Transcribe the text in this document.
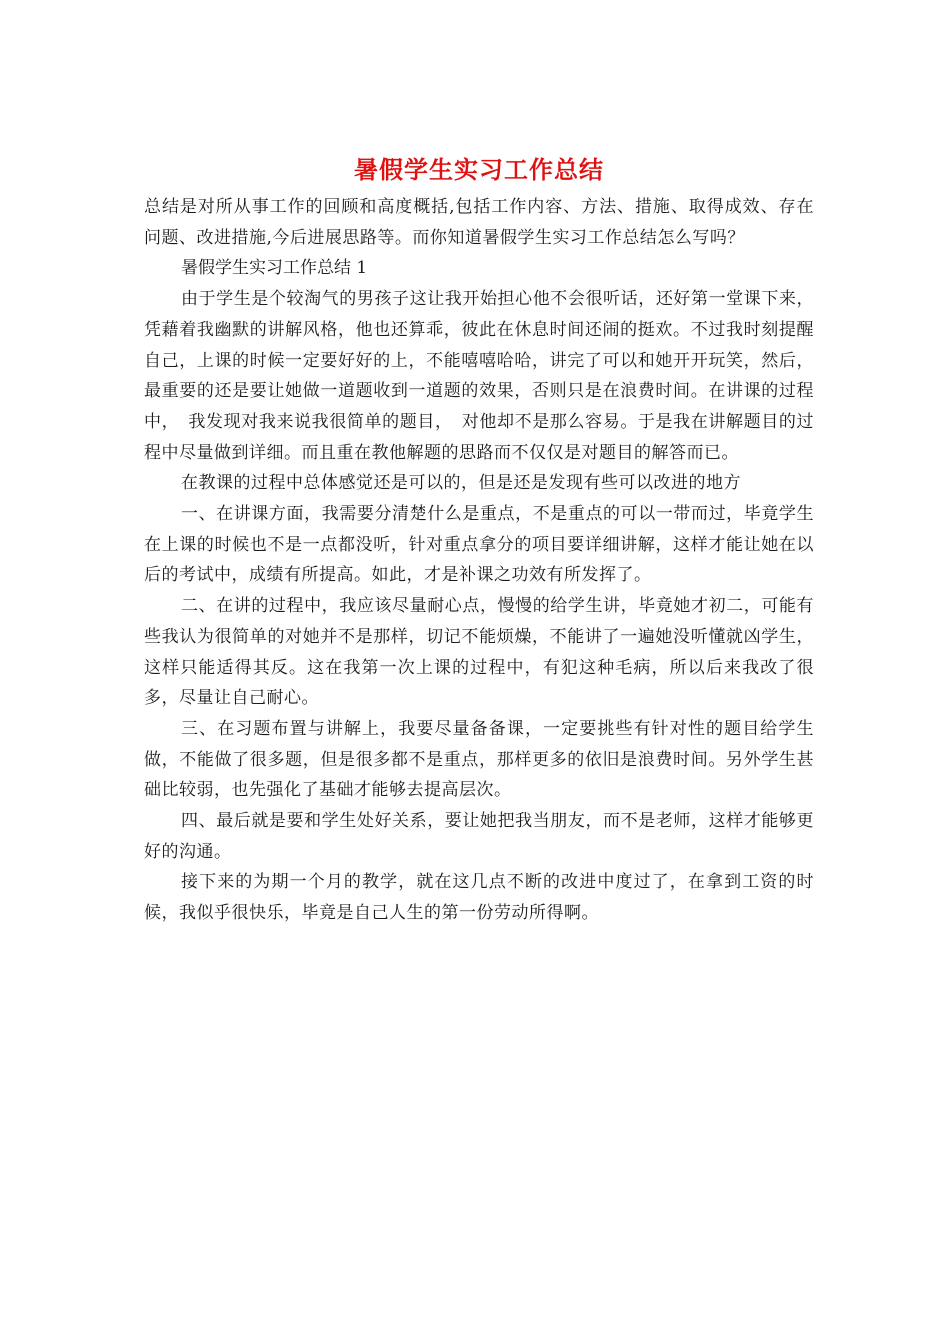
暑假学生实习工作总结

总结是对所从事工作的回顾和高度概括,包括工作内容、方法、措施、取得成效、存在问题、改进措施,今后进展思路等。而你知道暑假学生实习工作总结怎么写吗？

暑假学生实习工作总结 1

由于学生是个较淘气的男孩子这让我开始担心他不会很听话，还好第一堂课下来，凭藉着我幽默的讲解风格，他也还算乖，彼此在休息时间还闹的挺欢。不过我时刻提醒自己，上课的时候一定要好好的上，不能嘻嘻哈哈，讲完了可以和她开开玩笑，然后，最重要的还是要让她做一道题收到一道题的效果，否则只是在浪费时间。在讲课的过程中，　我发现对我来说我很简单的题目，　对他却不是那么容易。于是我在讲解题目的过程中尽量做到详细。而且重在教他解题的思路而不仅仅是对题目的解答而已。

在教课的过程中总体感觉还是可以的，但是还是发现有些可以改进的地方

一、在讲课方面，我需要分清楚什么是重点，不是重点的可以一带而过，毕竟学生在上课的时候也不是一点都没听，针对重点拿分的项目要详细讲解，这样才能让她在以后的考试中，成绩有所提高。如此，才是补课之功效有所发挥了。

二、在讲的过程中，我应该尽量耐心点，慢慢的给学生讲，毕竟她才初二，可能有些我认为很简单的对她并不是那样，切记不能烦燥，不能讲了一遍她没听懂就凶学生，这样只能适得其反。这在我第一次上课的过程中，有犯这种毛病，所以后来我改了很多，尽量让自己耐心。

三、在习题布置与讲解上，我要尽量备备课，一定要挑些有针对性的题目给学生做，不能做了很多题，但是很多都不是重点，那样更多的依旧是浪费时间。另外学生甚础比较弱，也先强化了基础才能够去提高层次。

四、最后就是要和学生处好关系，要让她把我当朋友，而不是老师，这样才能够更好的沟通。

接下来的为期一个月的教学，就在这几点不断的改进中度过了，在拿到工资的时候，我似乎很快乐，毕竟是自己人生的第一份劳动所得啊。
